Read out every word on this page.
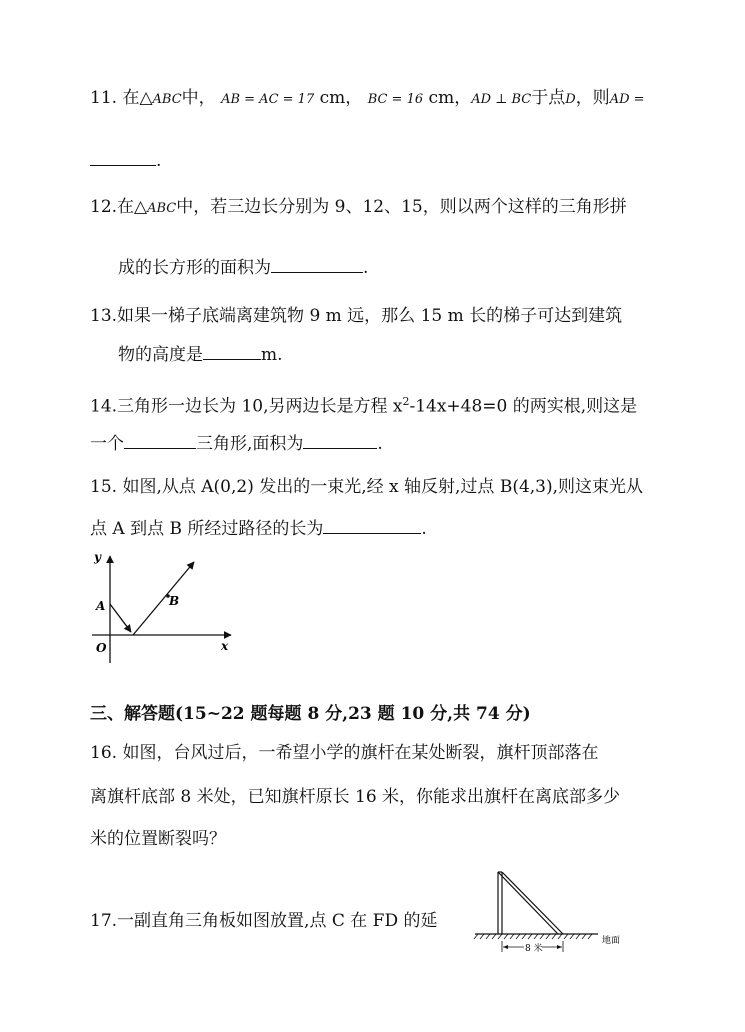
11. 在△ABC中， AB = AC = 17 cm， BC = 16 cm，AD ⊥ BC于点D，则AD =
.
12.在△ABC中，若三边长分别为 9、12、15，则以两个这样的三角形拼
成的长方形的面积为	.
13.如果一梯子底端离建筑物 9 m 远，那么 15 m 长的梯子可达到建筑
物的高度是	m.
14.三角形一边长为 10,另两边长是方程 $x^2-14x+48=0$ 的两实根,则这是
一个	三角形,面积为	.
15. 如图,从点 A(0,2) 发出的一束光,经 x 轴反射,过点 B(4,3),则这束光从
点 A 到点 B 所经过路径的长为	.
y
x
A	B
O
三、解答题(15~22 题每题 8 分,23 题 10 分,共 74 分)
16. 如图，台风过后，一希望小学的旗杆在某处断裂，旗杆顶部落在
离旗杆底部 8 米处，已知旗杆原长 16 米，你能求出旗杆在离底部多少
米的位置断裂吗？
17.一副直角三角板如图放置,点 C 在 FD 的延
8 米
地面
